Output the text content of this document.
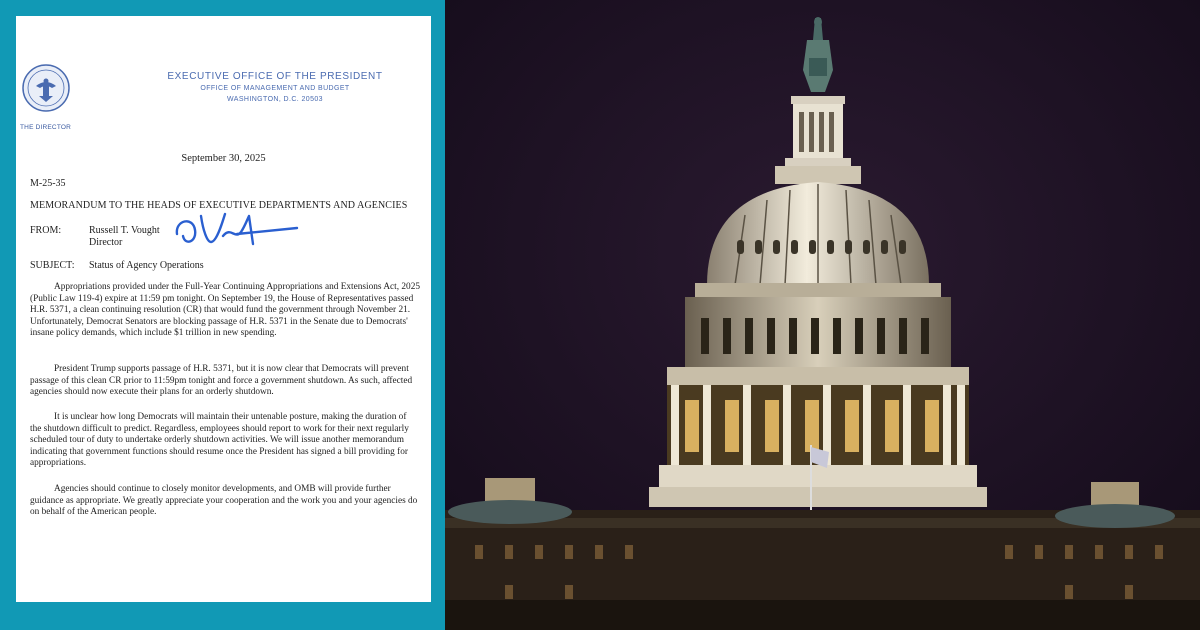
THE DIRECTOR
EXECUTIVE OFFICE OF THE PRESIDENT
OFFICE OF MANAGEMENT AND BUDGET
WASHINGTON, D.C. 20503
September 30, 2025
M-25-35
MEMORANDUM TO THE HEADS OF EXECUTIVE DEPARTMENTS AND AGENCIES
FROM:	Russell T. Vought
Director
SUBJECT: Status of Agency Operations
Appropriations provided under the Full-Year Continuing Appropriations and Extensions Act, 2025 (Public Law 119-4) expire at 11:59 pm tonight. On September 19, the House of Representatives passed H.R. 5371, a clean continuing resolution (CR) that would fund the government through November 21. Unfortunately, Democrat Senators are blocking passage of H.R. 5371 in the Senate due to Democrats' insane policy demands, which include $1 trillion in new spending.
President Trump supports passage of H.R. 5371, but it is now clear that Democrats will prevent passage of this clean CR prior to 11:59pm tonight and force a government shutdown. As such, affected agencies should now execute their plans for an orderly shutdown.
It is unclear how long Democrats will maintain their untenable posture, making the duration of the shutdown difficult to predict. Regardless, employees should report to work for their next regularly scheduled tour of duty to undertake orderly shutdown activities. We will issue another memorandum indicating that government functions should resume once the President has signed a bill providing for appropriations.
Agencies should continue to closely monitor developments, and OMB will provide further guidance as appropriate. We greatly appreciate your cooperation and the work you and your agencies do on behalf of the American people.
